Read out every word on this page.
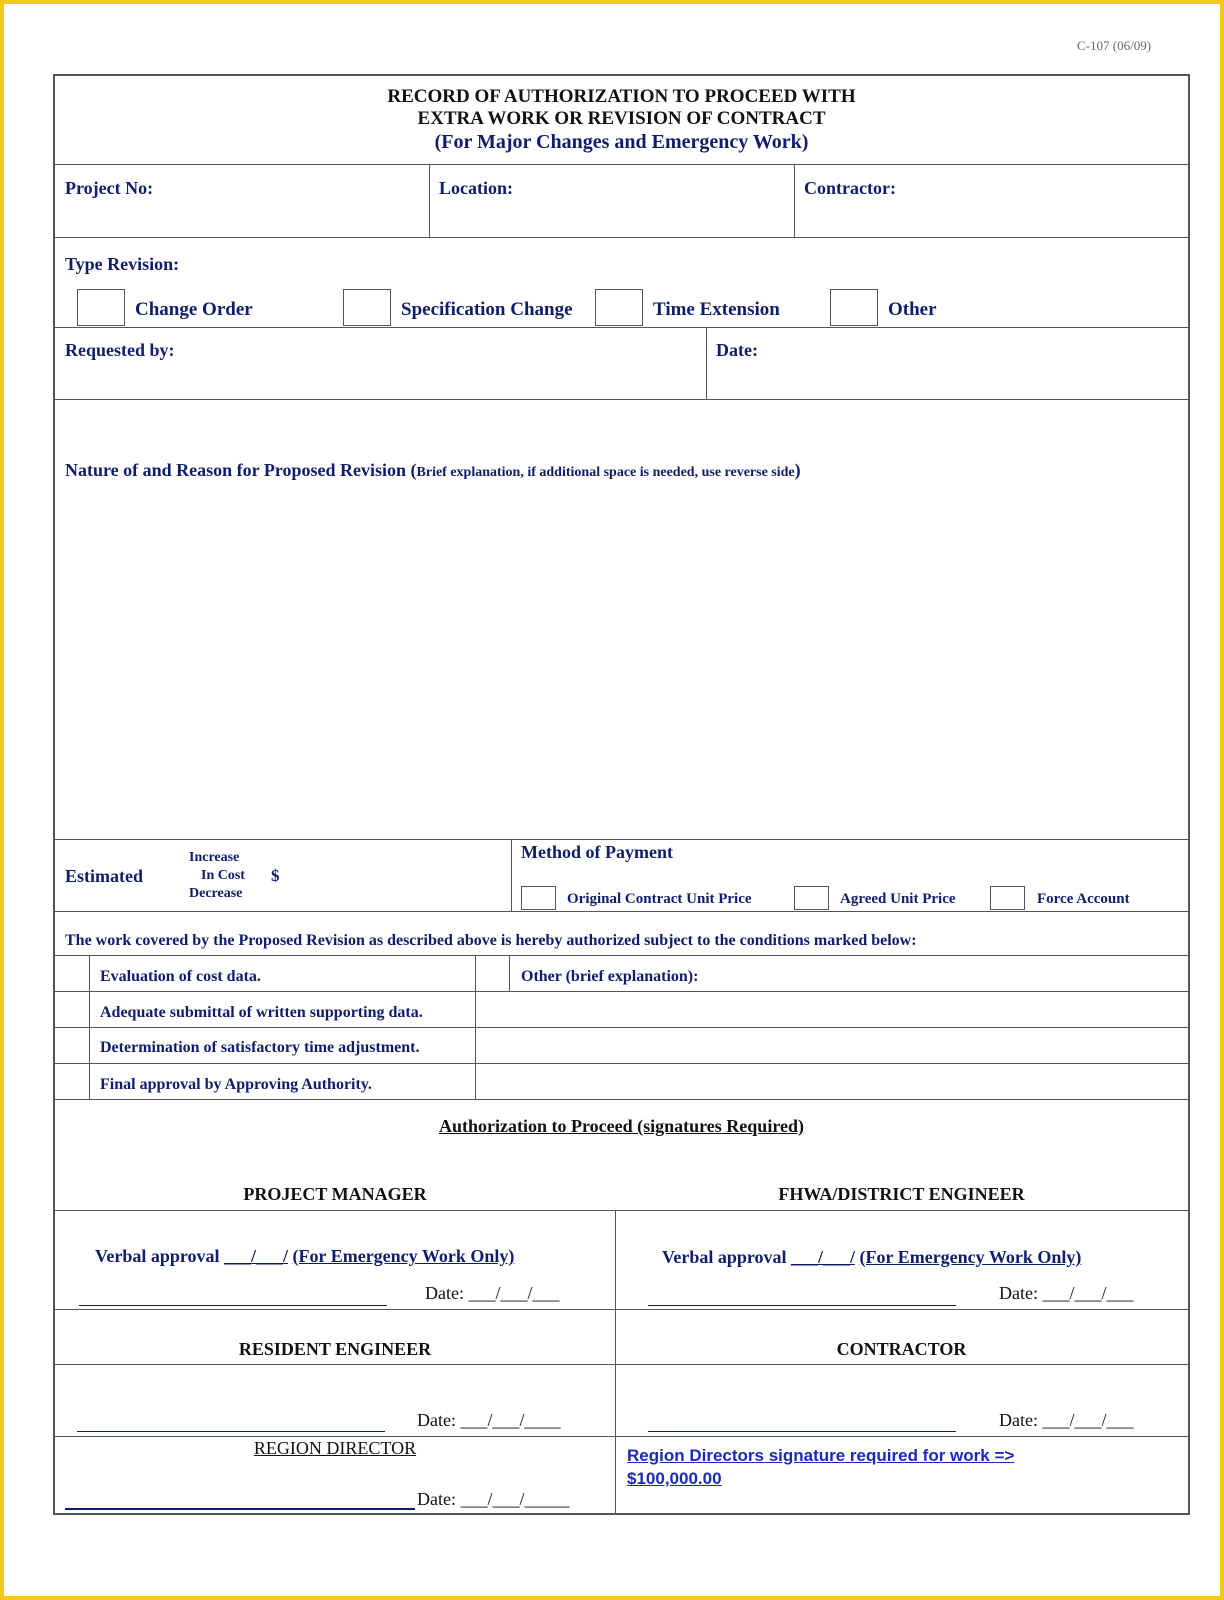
C-107 (06/09)
RECORD OF AUTHORIZATION TO PROCEED WITH
EXTRA WORK OR REVISION OF CONTRACT
(For Major Changes and Emergency Work)
Project No:	Location:	Contractor:
Type Revision:
Change Order	Specification Change	Time Extension	Other
Requested by:	Date:
Nature of and Reason for Proposed Revision (Brief explanation, if additional space is needed, use reverse side)
Estimated
Increase
In Cost
Decrease
$
Method of Payment
Original Contract Unit Price	Agreed Unit Price	Force Account
The work covered by the Proposed Revision as described above is hereby authorized subject to the conditions marked below:
Evaluation of cost data.	Other (brief explanation):
Adequate submittal of written supporting data.
Determination of satisfactory time adjustment.
Final approval by Approving Authority.
Authorization to Proceed (signatures Required)
PROJECT MANAGER	FHWA/DISTRICT ENGINEER
Verbal approval ___/___/ (For Emergency Work Only)
Date: ___/___/___
Verbal approval ___/___/ (For Emergency Work Only)
Date: ___/___/___
RESIDENT ENGINEER	CONTRACTOR
Date: ___/___/____	Date: ___/___/___
REGION DIRECTOR
Date: ___/___/_____
Region Directors signature required for work =>
$100,000.00
